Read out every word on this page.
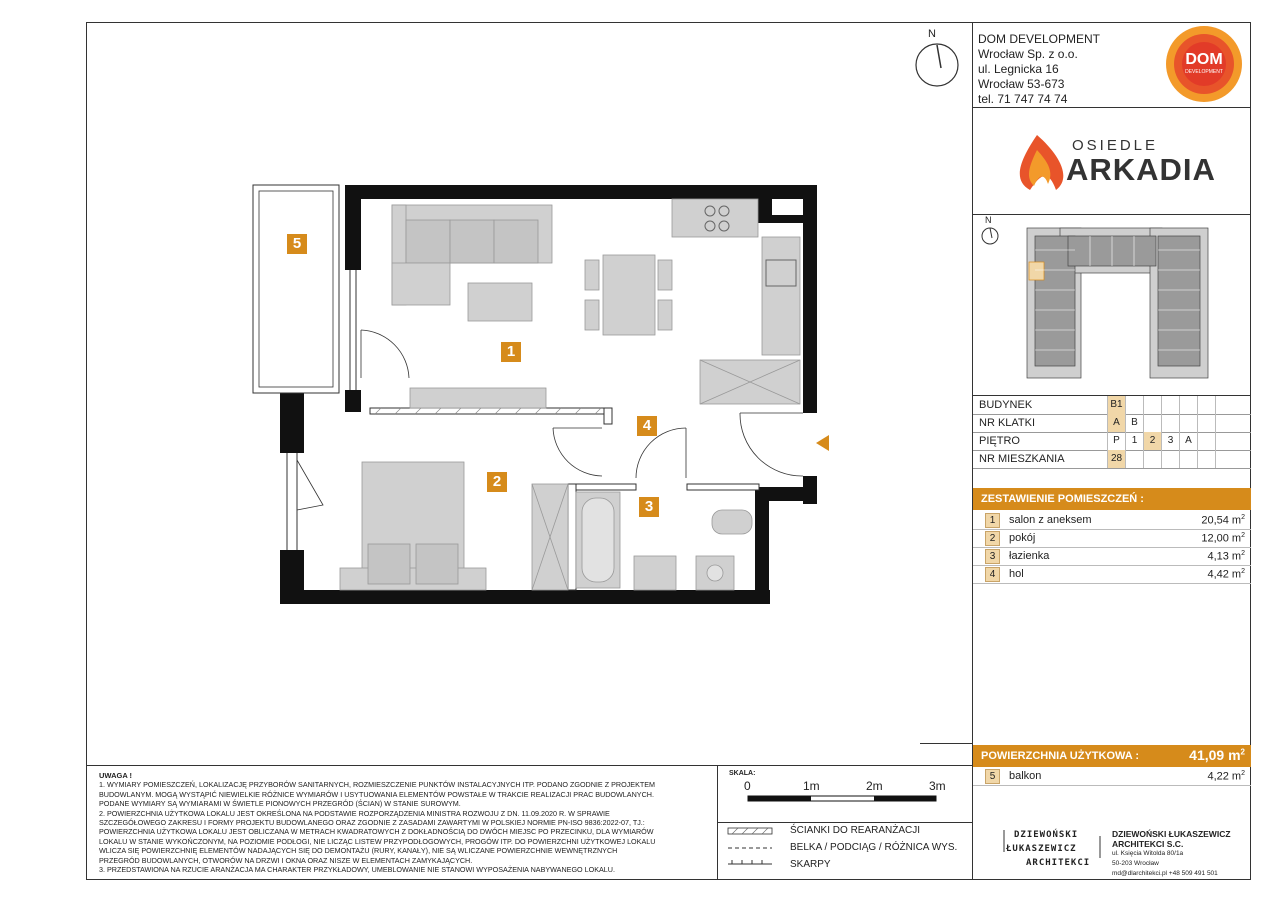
1
2
3
4
5
N
N
DOM DEVELOPMENT
Wrocław Sp. z o.o.
ul. Legnicka 16
Wrocław 53-673
tel. 71 747 74 74
DOM
DEVELOPMENT
OSIEDLE
ARKADIA
BUDYNEK	B1
NR KLATKI	A	B
PIĘTRO	P	1	2	3	A
NR MIESZKANIA	28
ZESTAWIENIE POMIESZCZEŃ :
1	salon z aneksem	20,54 $m^2$
2	pokój	12,00 $m^2$
3	łazienka	4,13 $m^2$
4	hol	4,42 $m^2$
POWIERZCHNIA UŻYTKOWA :	41,09 $m^2$
5	balkon	4,22 $m^2$
UWAGA !
1. WYMIARY POMIESZCZEŃ, LOKALIZACJĘ PRZYBORÓW SANITARNYCH, ROZMIESZCZENIE PUNKTÓW INSTALACYJNYCH ITP. PODANO ZGODNIE Z PROJEKTEM
BUDOWLANYM. MOGĄ WYSTĄPIĆ NIEWIELKIE RÓŻNICE WYMIARÓW I USYTUOWANIA ELEMENTÓW POWSTAŁE W TRAKCIE REALIZACJI PRAC BUDOWLANYCH.
PODANE WYMIARY SĄ WYMIARAMI W ŚWIETLE PIONOWYCH PRZEGRÓD (ŚCIAN) W STANIE SUROWYM.
2. POWIERZCHNIA UŻYTKOWA LOKALU JEST OKREŚLONA NA PODSTAWIE ROZPORZĄDZENIA MINISTRA ROZWOJU Z DN. 11.09.2020 R. W SPRAWIE
SZCZEGÓŁOWEGO ZAKRESU I FORMY PROJEKTU BUDOWLANEGO ORAZ ZGODNIE Z ZASADAMI ZAWARTYMI W POLSKIEJ NORMIE PN-ISO 9836:2022-07, TJ.:
POWIERZCHNIA UŻYTKOWA LOKALU JEST OBLICZANA W METRACH KWADRATOWYCH Z DOKŁADNOŚCIĄ DO DWÓCH MIEJSC PO PRZECINKU, DLA WYMIARÓW
LOKALU W STANIE WYKOŃCZONYM, NA POZIOMIE PODŁOGI, NIE LICZĄC LISTEW PRZYPODŁOGOWYCH, PROGÓW ITP. DO POWIERZCHNI UŻYTKOWEJ LOKALU
WLICZA SIĘ POWIERZCHNIĘ ELEMENTÓW NADAJĄCYCH SIĘ DO DEMONTAŻU (RURY, KANAŁY), NIE SĄ WLICZANE POWIERZCHNIE WEWNĘTRZNYCH
PRZEGRÓD BUDOWLANYCH, OTWORÓW NA DRZWI I OKNA ORAZ NISZE W ELEMENTACH ZAMYKAJĄCYCH.
3. PRZEDSTAWIONA NA RZUCIE ARANŻACJA MA CHARAKTER PRZYKŁADOWY, UMEBLOWANIE NIE STANOWI WYPOSAŻENIA NABYWANEGO LOKALU.
SKALA:
0	1m	2m	3m
ŚCIANKI DO REARANŻACJI
BELKA / PODCIĄG / RÓŻNICA WYS.
SKARPY
DZIEWOŃSKI
ŁUKASZEWICZ
ARCHITEKCI
DZIEWOŃSKI ŁUKASZEWICZ
ARCHITEKCI S.C.
ul. Księcia Witolda 80/1a
50-203 Wrocław
md@dlarchitekci.pl +48 509 491 501
